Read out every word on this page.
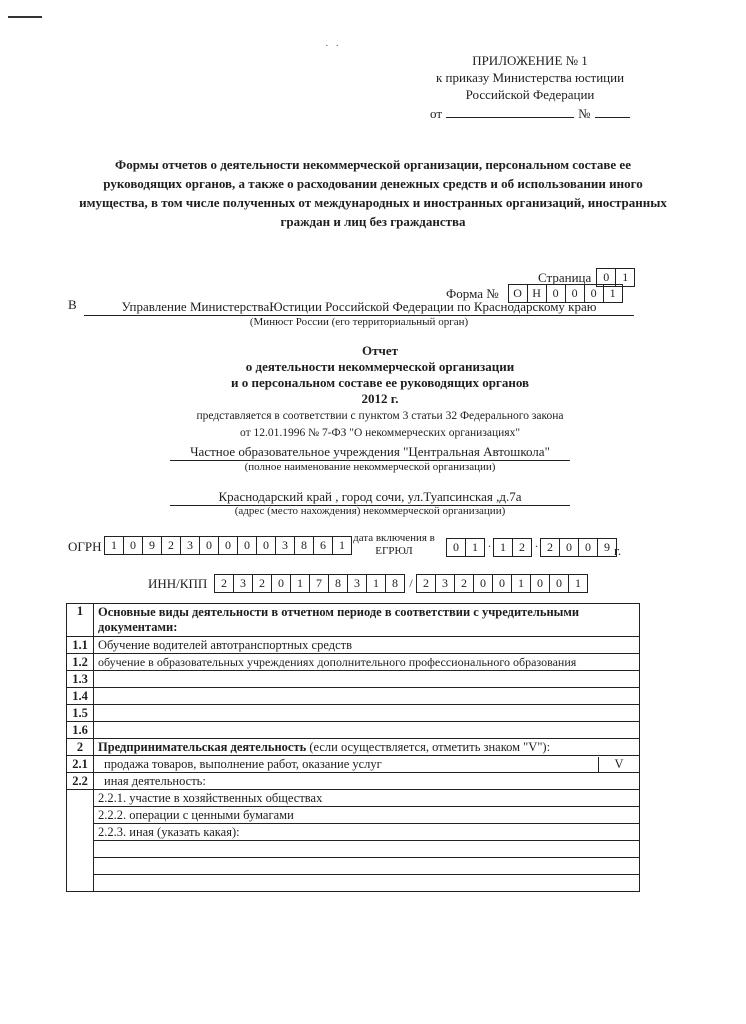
· ·
ПРИЛОЖЕНИЕ № 1
к приказу Министерства юстиции
Российской Федерации
от	№
Формы отчетов о деятельности некоммерческой организации, персональном составе ее руководящих органов, а также о расходовании денежных средств и об использовании иного имущества, в том числе полученных от международных и иностранных организаций, иностранных граждан и лиц без гражданства
Страница	0	1
Форма №	О Н 0	0	0	1
В	Управление МинистерстваЮстиции Российской Федерации по Краснодарскому краю
(Минюст России (его территориальный орган)
Отчет
о деятельности некоммерческой организации
и о персональном составе ее руководящих органов
2012 г.
представляется в соответствии с пунктом 3 статьи 32 Федерального закона
от 12.01.1996 № 7-ФЗ "О некоммерческих организациях"
Частное образовательное учреждения "Центральная Автошкола"
(полное наименование некоммерческой организации)
Краснодарский край , город сочи, ул.Туапсинская ,д.7а
(адрес (место нахождения) некоммерческой организации)
ОГРН 1	0	9	2	3	0	0	0	0	3	8	6	1 дата включения в
ЕГРЮЛ	0	1 · 1	2 · 2	0	0	9 г.
ИНН/КПП	2	3	2	0	1	7	8	3	1	8 / 2	3	2	0	0	1	0	0	1
1	Основные виды деятельности в отчетном периоде в соответствии с учредительными документами:
1.1	Обучение водителей автотранспортных средств
1.2	обучение в образовательных учреждениях дополнительного профессионального образования
1.3	
1.4	
1.5	
1.6	
2	Предпринимательская деятельность (если осуществляется, отметить знаком "V"):
2.1	продажа товаров, выполнение работ, оказание услуг V

2.2	иная деятельность:
	2.2.1. участие в хозяйственных обществах
	2.2.2. операции с ценными бумагами
	2.2.3. иная (указать какая):
